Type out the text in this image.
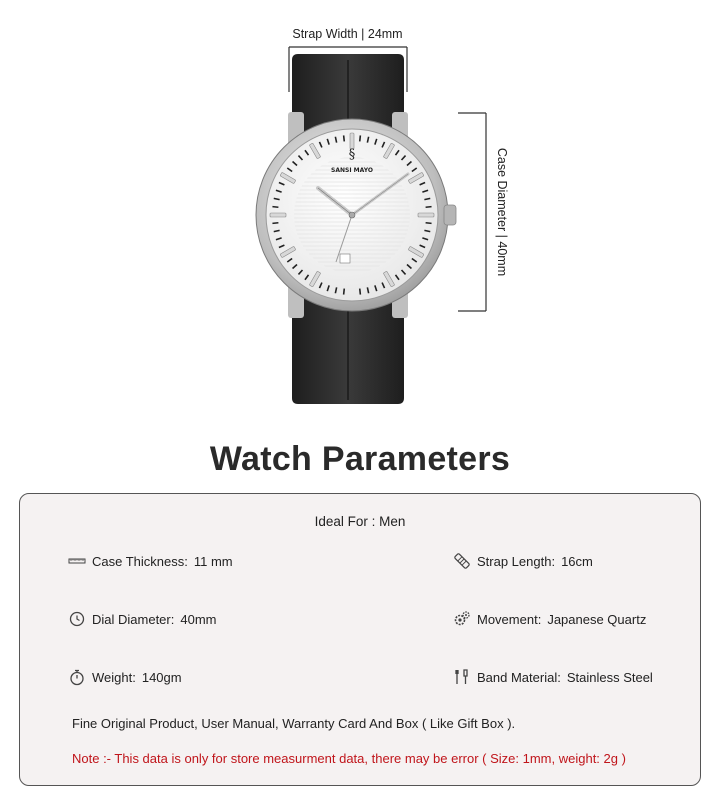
Strap Width | 24mm
Case Diameter | 40mm
§
SANSI MAYO
Watch Parameters
Ideal For : Men
Case Thickness: 11 mm	Strap Length: 16cm
Dial Diameter: 40mm	Movement: Japanese Quartz
Weight: 140gm	Band Material: Stainless Steel
Fine Original Product, User Manual, Warranty Card And Box ( Like Gift Box ).
Note :- This data is only for store measurment data, there may be error ( Size: 1mm, weight: 2g )
